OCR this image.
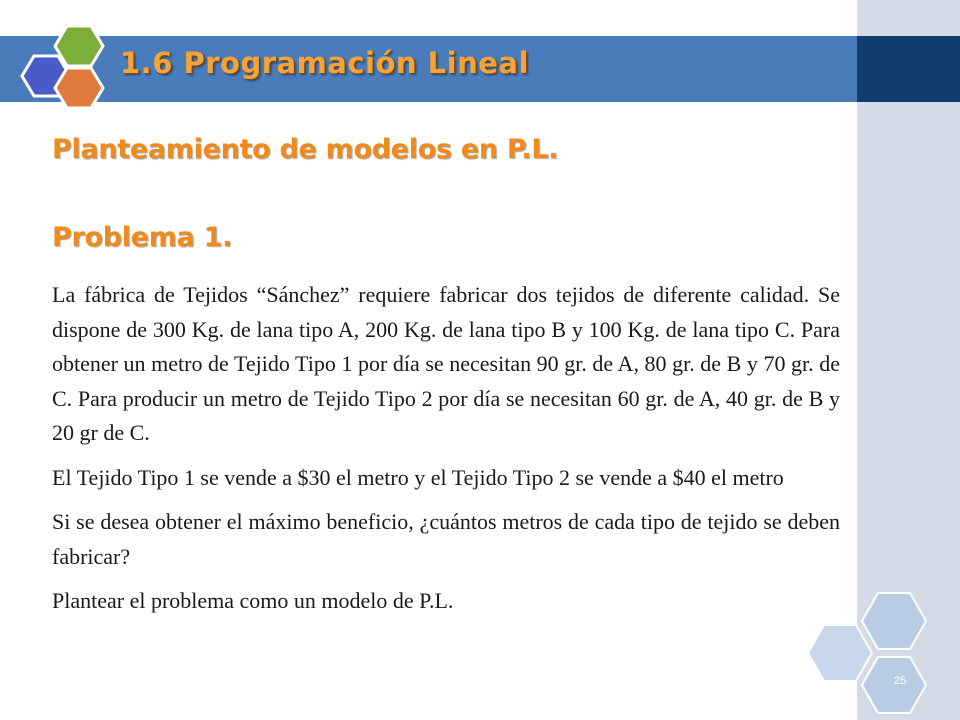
1.6 Programación Lineal
Planteamiento de modelos en P.L.
Problema 1.

La fábrica de Tejidos “Sánchez” requiere fabricar dos tejidos de diferente calidad. Se dispone de 300 Kg. de lana tipo A, 200 Kg. de lana tipo B y 100 Kg. de lana tipo C. Para obtener un metro de Tejido Tipo 1 por día se necesitan 90 gr. de A, 80 gr. de B y 70 gr. de C. Para producir un metro de Tejido Tipo 2 por día se necesitan 60 gr. de A, 40 gr. de B y 20 gr de C.

El Tejido Tipo 1 se vende a $30 el metro y el Tejido Tipo 2 se vende a $40 el metro

Si se desea obtener el máximo beneficio, ¿cuántos metros de cada tipo de tejido se deben fabricar?

Plantear el problema como un modelo de P.L.

25
